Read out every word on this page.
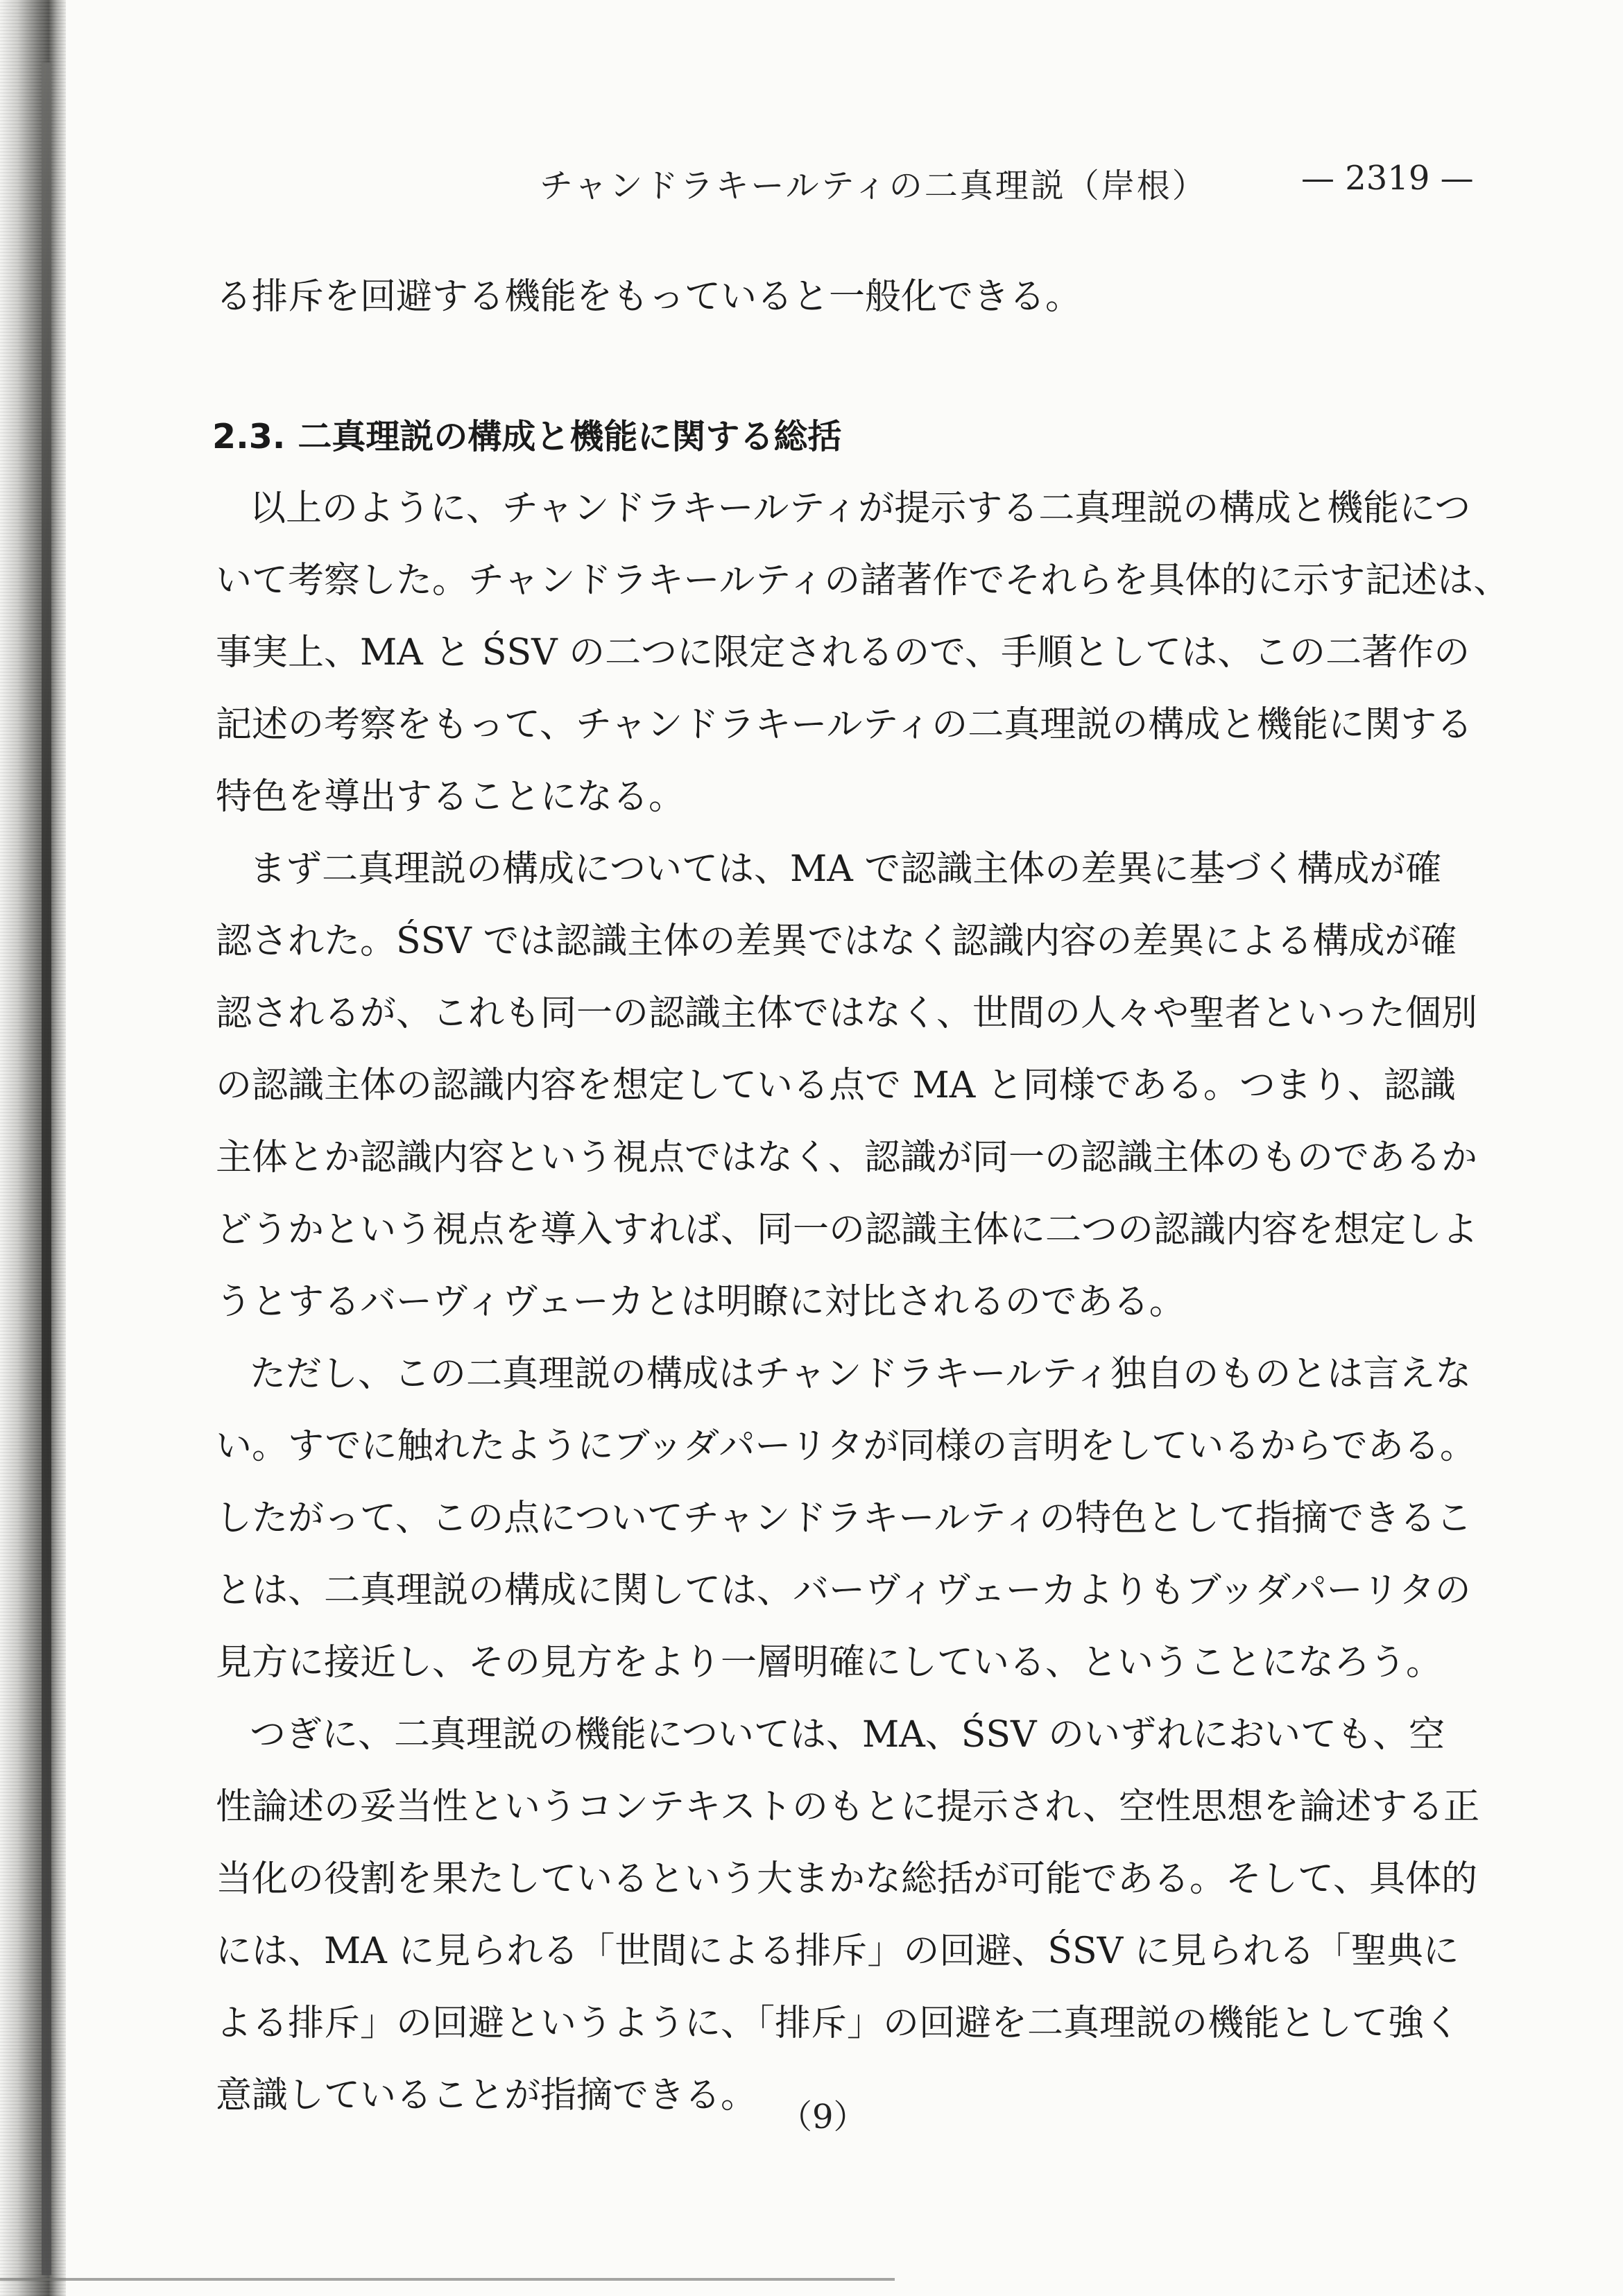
チャンドラキールティの二真理説（岸根）	— 2319 —
る排斥を回避する機能をもっていると一般化できる。
2.3. 二真理説の構成と機能に関する総括
以上のように、チャンドラキールティが提示する二真理説の構成と機能につ
いて考察した。チャンドラキールティの諸著作でそれらを具体的に示す記述は、
事実上、MA と ŚSV の二つに限定されるので、手順としては、この二著作の
記述の考察をもって、チャンドラキールティの二真理説の構成と機能に関する
特色を導出することになる。
まず二真理説の構成については、MA で認識主体の差異に基づく構成が確
認された。ŚSV では認識主体の差異ではなく認識内容の差異による構成が確
認されるが、これも同一の認識主体ではなく、世間の人々や聖者といった個別
の認識主体の認識内容を想定している点で MA と同様である。つまり、認識
主体とか認識内容という視点ではなく、認識が同一の認識主体のものであるか
どうかという視点を導入すれば、同一の認識主体に二つの認識内容を想定しよ
うとするバーヴィヴェーカとは明瞭に対比されるのである。
ただし、この二真理説の構成はチャンドラキールティ独自のものとは言えな
い。すでに触れたようにブッダパーリタが同様の言明をしているからである。
したがって、この点についてチャンドラキールティの特色として指摘できるこ
とは、二真理説の構成に関しては、バーヴィヴェーカよりもブッダパーリタの
見方に接近し、その見方をより一層明確にしている、ということになろう。
つぎに、二真理説の機能については、MA、ŚSV のいずれにおいても、空
性論述の妥当性というコンテキストのもとに提示され、空性思想を論述する正
当化の役割を果たしているという大まかな総括が可能である。そして、具体的
には、MA に見られる「世間による排斥」の回避、ŚSV に見られる「聖典に
よる排斥」の回避というように、「排斥」の回避を二真理説の機能として強く
意識していることが指摘できる。
（9）
